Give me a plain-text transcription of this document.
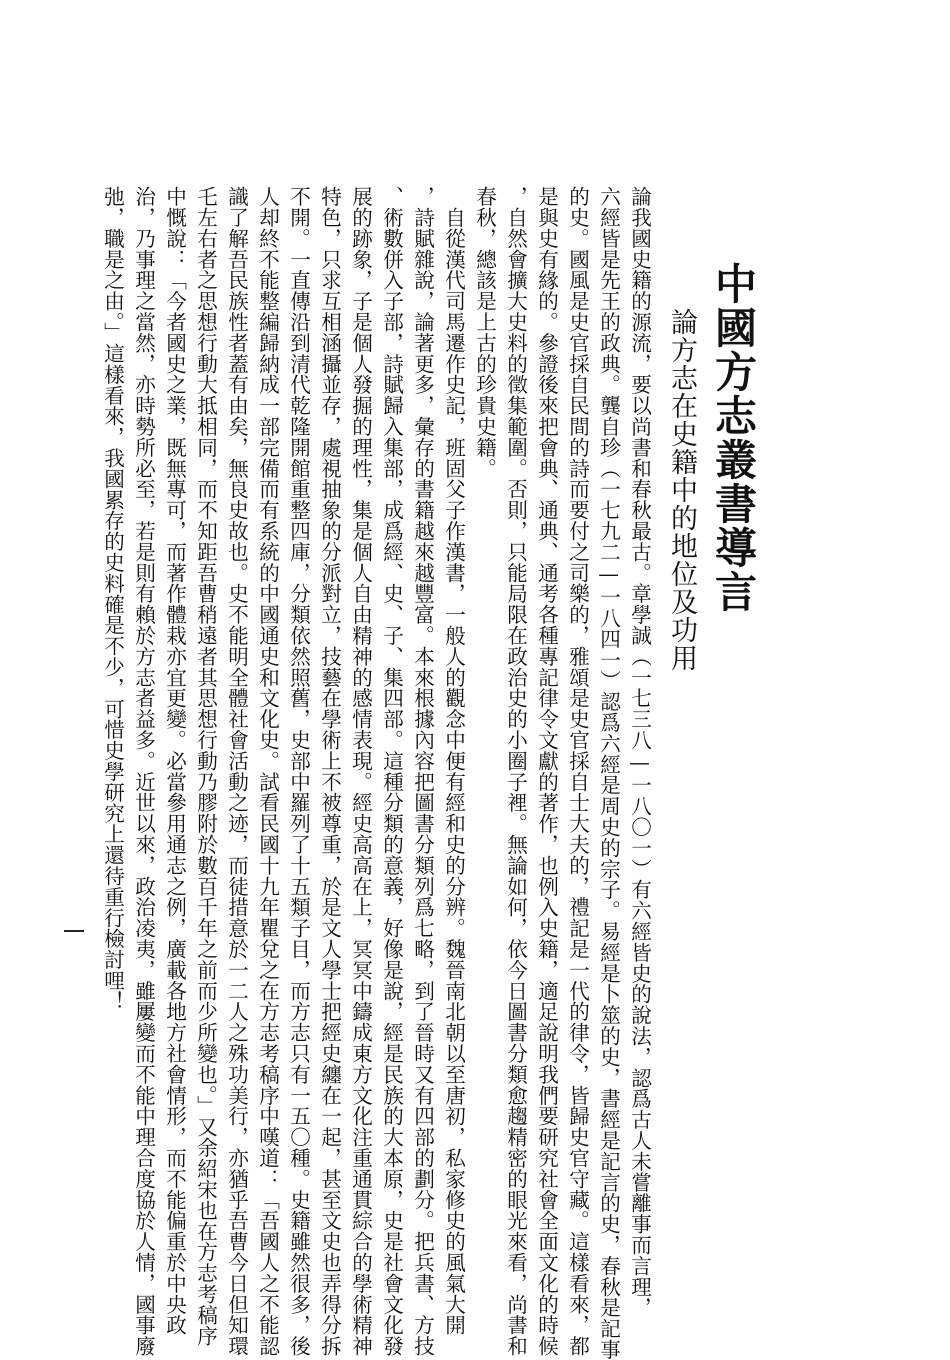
中國方志叢書導言
論方志在史籍中的地位及功用
論我國史籍的源流，要以尚書和春秋最古。章學誠（一七三八—一八〇一）有六經皆史的說法，認爲古人未嘗離事而言理，
六經皆是先王的政典。龔自珍（一七九二—一八四一）認爲六經是周史的宗子。易經是卜筮的史，書經是記言的史，春秋是記事
的史。國風是史官採自民間的詩而要付之司樂的，雅頌是史官採自士大夫的，禮記是一代的律令，皆歸史官守藏。這樣看來，都
是與史有緣的。參證後來把會典、通典、通考各種專記律令文獻的著作，也例入史籍，適足說明我們要研究社會全面文化的時候
，自然會擴大史料的徵集範圍。否則，只能局限在政治史的小圈子裡。無論如何，依今日圖書分類愈趨精密的眼光來看，尚書和
春秋，總該是上古的珍貴史籍。
　自從漢代司馬遷作史記，班固父子作漢書，一般人的觀念中便有經和史的分辨。魏晉南北朝以至唐初，私家修史的風氣大開
，詩賦雜說，論著更多，彙存的書籍越來越豐富。本來根據內容把圖書分類列爲七略，到了晉時又有四部的劃分。把兵書、方技
、術數併入子部，詩賦歸入集部，成爲經、史、子、集四部。這種分類的意義，好像是說，經是民族的大本原，史是社會文化發
展的跡象，子是個人發掘的理性，集是個人自由精神的感情表現。經史高高在上，冥冥中鑄成東方文化注重通貫綜合的學術精神
特色，只求互相涵攝並存，處視抽象的分派對立，技藝在學術上不被尊重，於是文人學士把經史纏在一起，甚至文史也弄得分拆
不開。一直傳沿到清代乾隆開館重整四庫，分類依然照舊，史部中羅列了十五類子目，而方志只有一五〇種。史籍雖然很多，後
人却終不能整編歸納成一部完備而有系統的中國通史和文化史。試看民國十九年瞿兌之在方志考稿序中嘆道：「吾國人之不能認
識了解吾民族性者蓋有由矣，無良史故也。史不能明全體社會活動之迹，而徒措意於一二人之殊功美行，亦猶乎吾曹今日但知環
乇左右者之思想行動大抵相同，而不知距吾曹稍遠者其思想行動乃膠附於數百千年之前而少所變也。」又余紹宋也在方志考稿序
中慨說：「今者國史之業，既無專可，而著作體栽亦宜更變。必當參用通志之例，廣載各地方社會情形，而不能偏重於中央政
治，乃事理之當然，亦時勢所必至，若是則有賴於方志者益多。近世以來，政治凌夷，雖屢變而不能中理合度協於人情，國事廢
弛，職是之由。」這樣看來，我國累存的史料確是不少，可惜史學研究上還待重行檢討哩！
